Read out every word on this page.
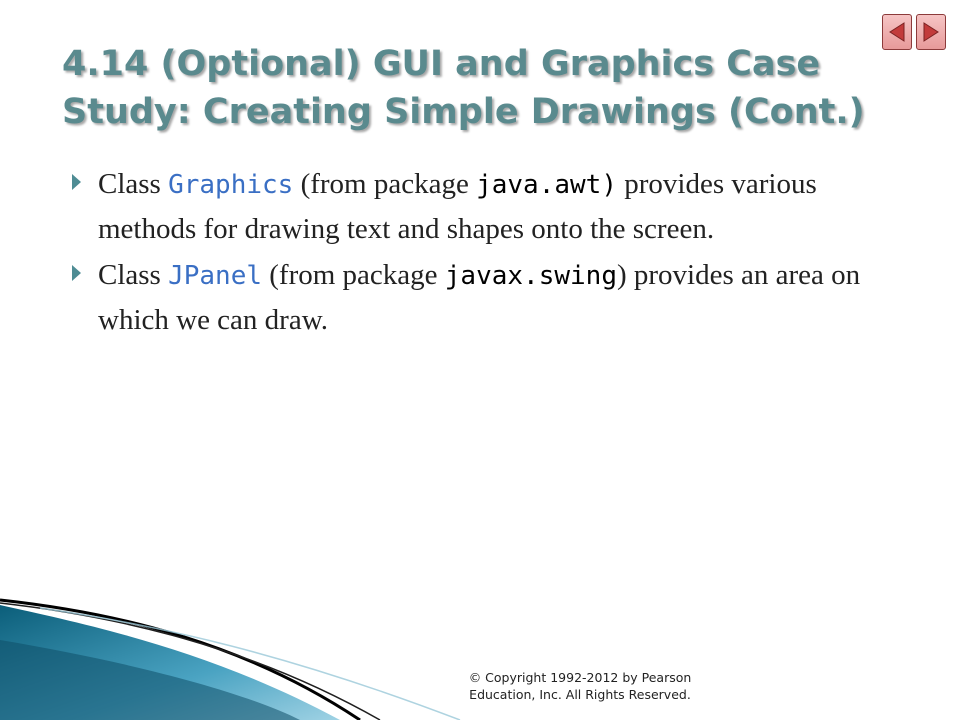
4.14 (Optional) GUI and Graphics Case Study: Creating Simple Drawings (Cont.)
Class Graphics (from package java.awt) provides various methods for drawing text and shapes onto the screen.
Class JPanel (from package javax.swing) provides an area on which we can draw.
© Copyright 1992-2012 by Pearson
Education, Inc. All Rights Reserved.
